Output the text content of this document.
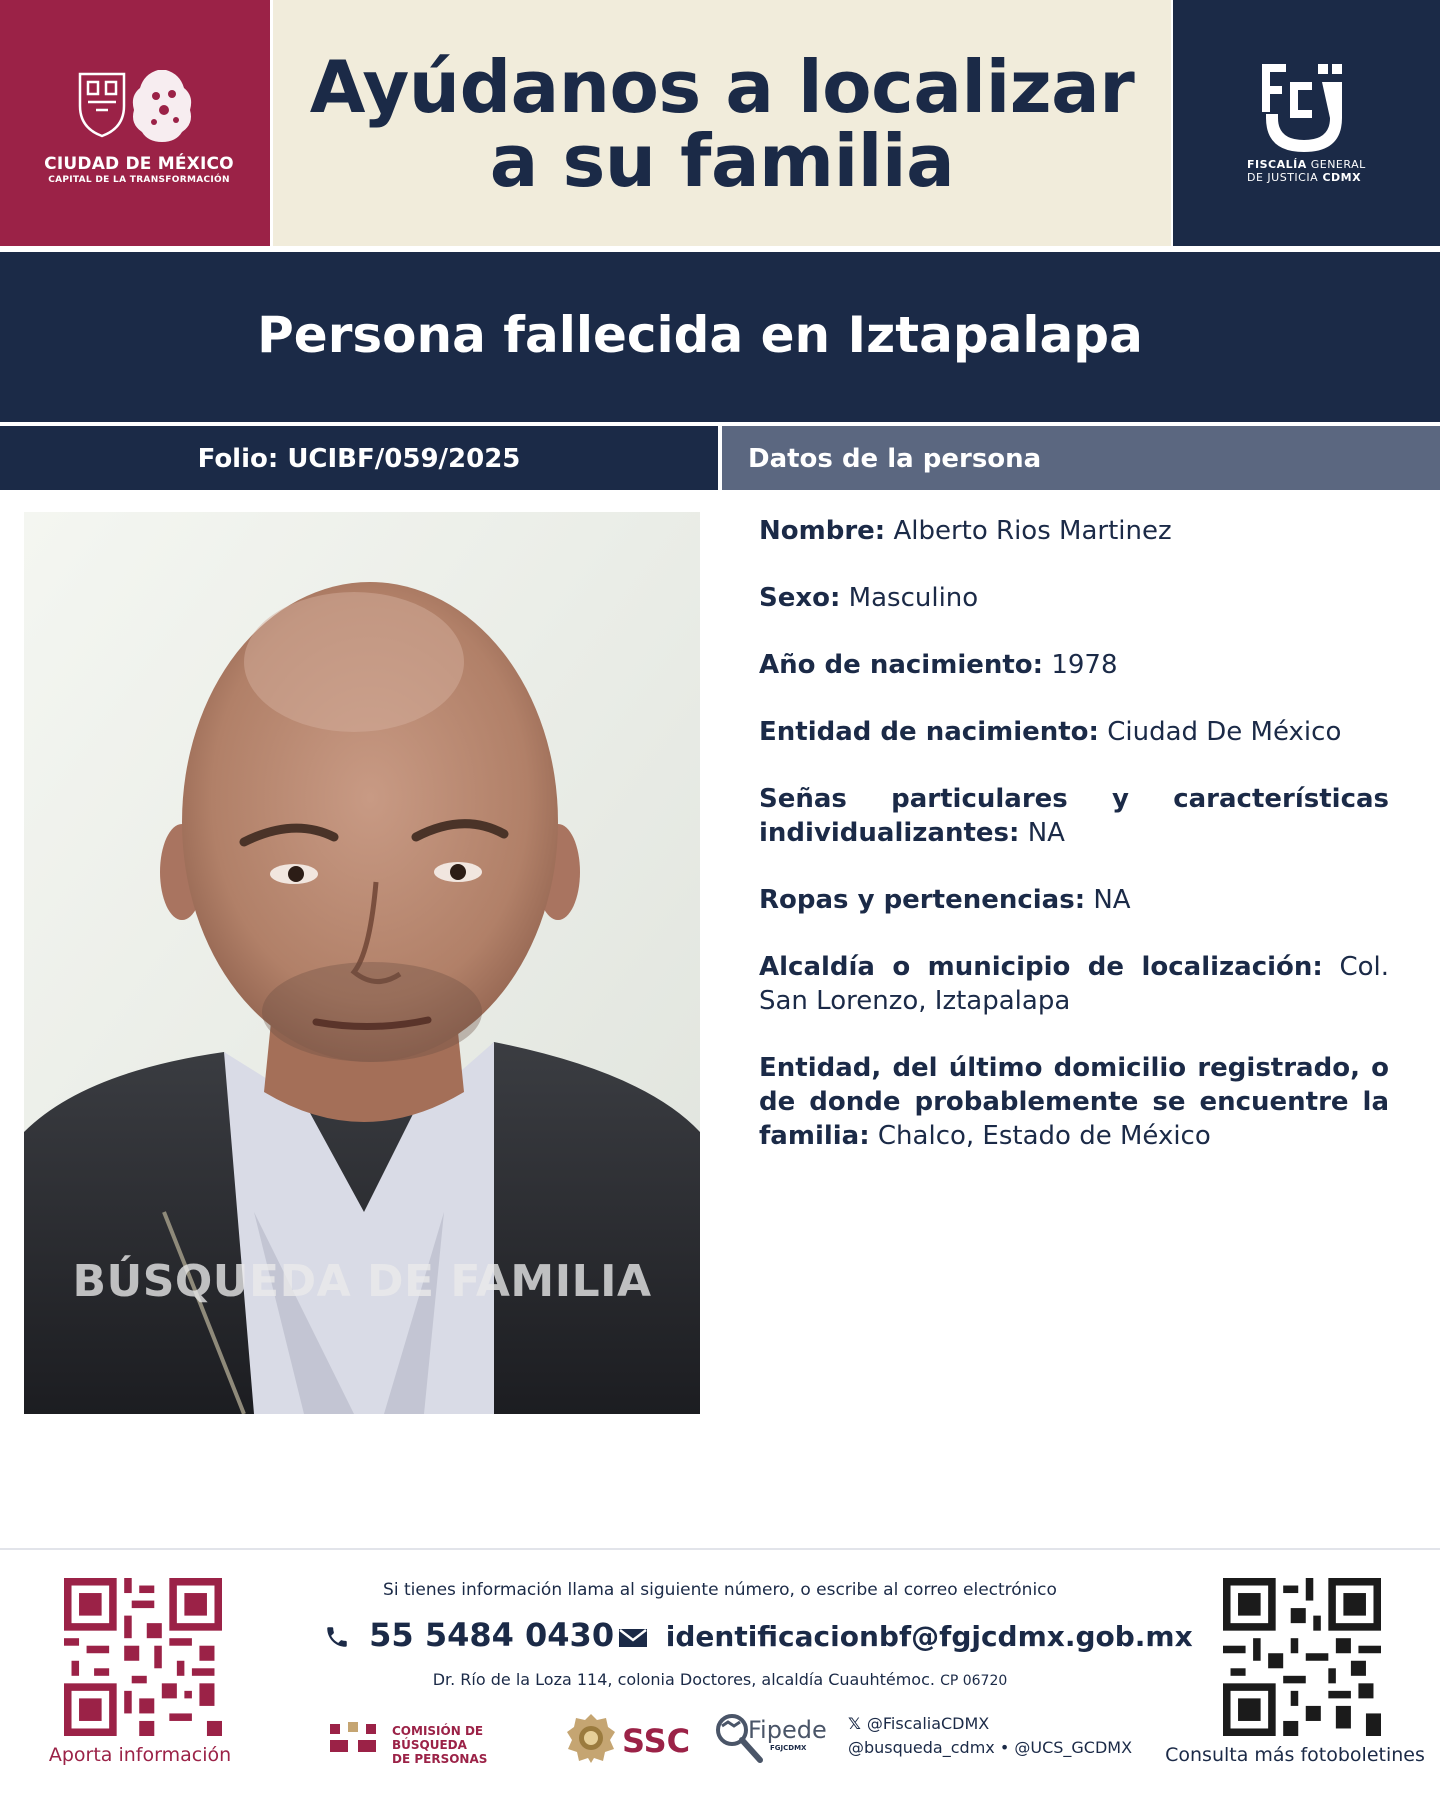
CIUDAD DE MÉXICO
CAPITAL DE LA TRANSFORMACIÓN
Ayúdanos a localizar
a su familia	FISCALÍA GENERAL
DE JUSTICIA CDMX
Persona fallecida en Iztapalapa
Folio: UCIBF/059/2025	Datos de la persona
BÚSQUEDA DE FAMILIA
Nombre: Alberto Rios Martinez
Sexo: Masculino
Año de nacimiento: 1978
Entidad de nacimiento: Ciudad De México
Señas particulares y características individualizantes: NA
Ropas y pertenencias: NA
Alcaldía o municipio de localización: Col. San Lorenzo, Iztapalapa
Entidad, del último domicilio registrado, o de donde probablemente se encuentre la familia: Chalco, Estado de México
Aporta información
Si tienes información llama al siguiente número, o escribe al correo electrónico
55 5484 0430	identificacionbf@fgjcdmx.gob.mx
Dr. Río de la Loza 114, colonia Doctores, alcaldía Cuauhtémoc. CP 06720
COMISIÓN DE BÚSQUEDA
DE PERSONAS	SSC Fipede
FGJCDMX
𝕏 @FiscaliaCDMX
@busqueda_cdmx • @UCS_GCDMX	Consulta más fotoboletines
